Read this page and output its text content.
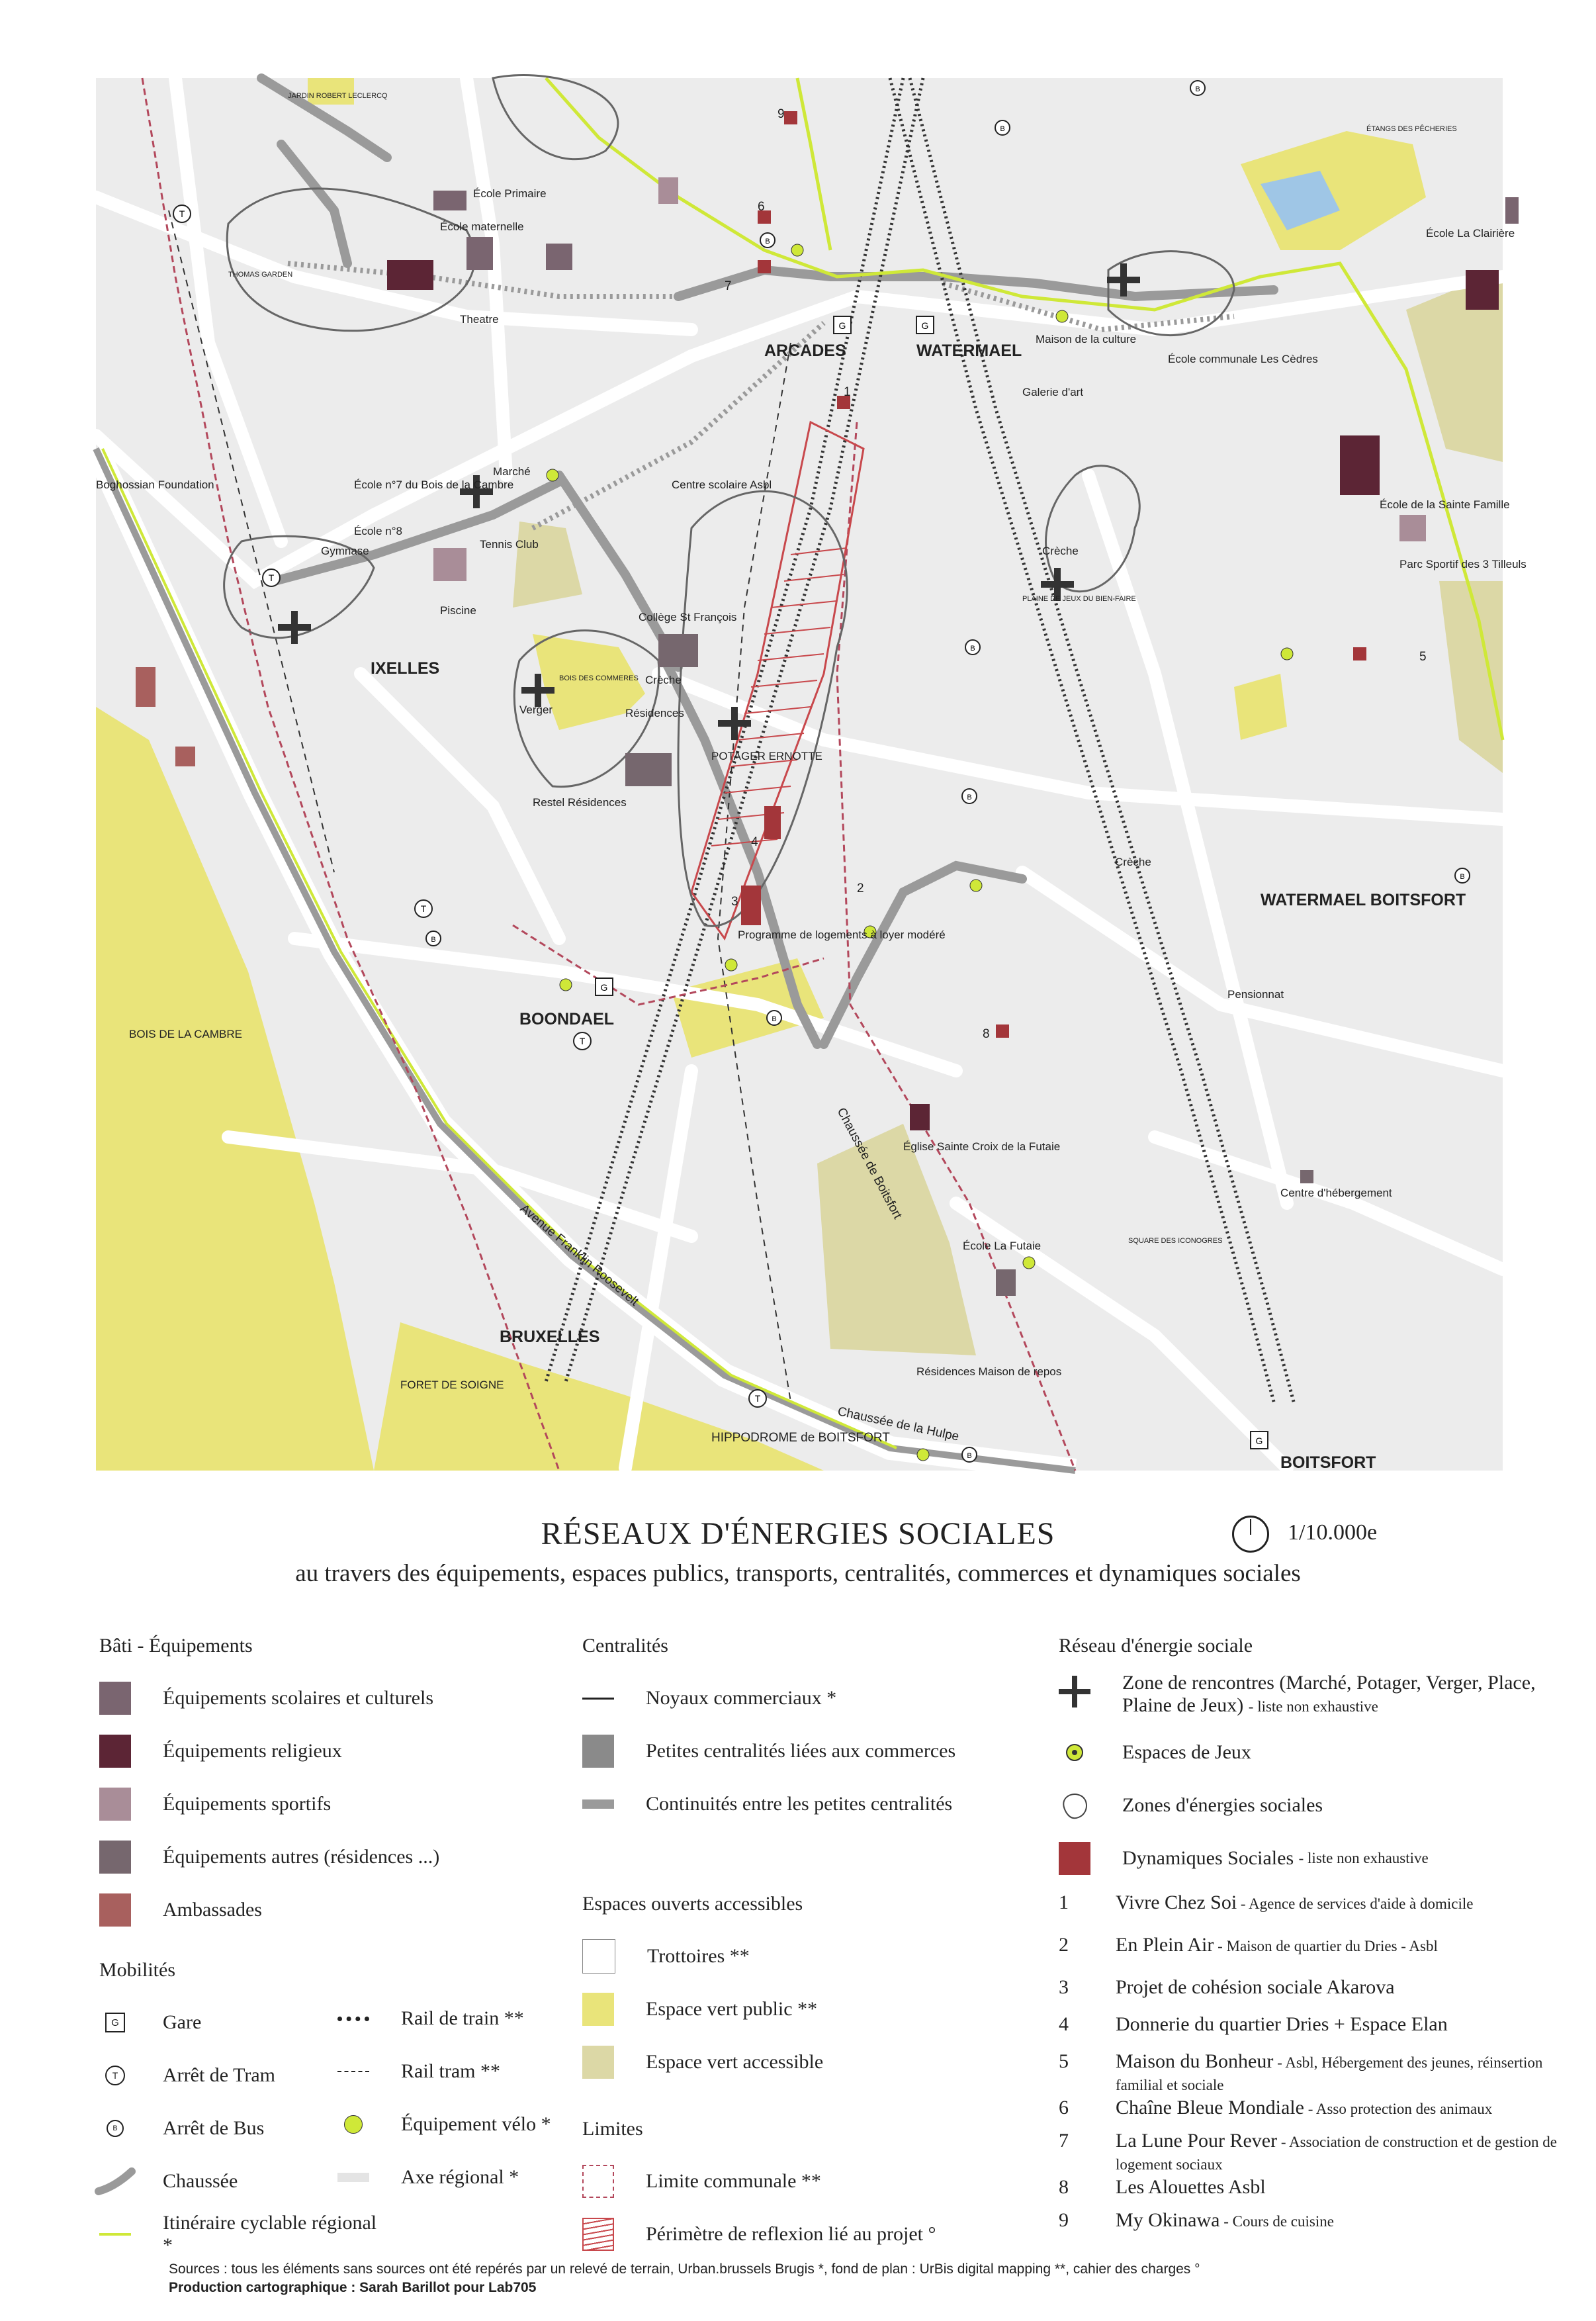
JARDIN ROBERT LECLERCQ
ÉTANGS DES PÊCHERIES
École Primaire
École maternelle
THOMAS GARDEN
Theatre
École La Clairière
ARCADES	WATERMAEL
Maison de la culture
École communale Les Cèdres
Galerie d'art
Boghossian Foundation	École n°7 du Bois de la Cambre
Marché
Centre scolaire Asbl
École n°8
Gymnase
Tennis Club
Piscine
Crèche
PLAINE DE JEUX DU BIEN-FAIRE
École de la Sainte Famille
Parc Sportif des 3 Tilleuls
Collège St François
IXELLES
BOIS DES COMMERES Crèche
Verger	Résidences
POTAGER ERNOTTE
Restel Résidences
Crèche
WATERMAEL BOITSFORT
Programme de logements à loyer modéré
Pensionnat
BOIS DE LA CAMBRE
BOONDAEL
Église Sainte Croix de la Futaie
Centre d'hébergement
Chaussée de Boitsfort
Avenue Franklin Roosevelt	École La Futaie	SQUARE DES ICONOGRES
BRUXELLES
FORET DE SOIGNE
Résidences Maison de repos
HIPPODROME de BOITSFORT
Chaussée de la Hulpe
BOITSFORT
1
2
3
4
5
6
7
8
9
G	G
G
G
T
T
T
T
T
B
B
B
B
B
B
B
B
B
RÉSEAUX D'ÉNERGIES SOCIALES	1/10.000e
au travers des équipements, espaces publics, transports, centralités, commerces et dynamiques sociales
Bâti - Équipements
Équipements scolaires et culturels
Équipements religieux
Équipements sportifs
Équipements autres (résidences ...)
Ambassades
Mobilités
G	Gare
T	Arrêt de Tram
B	Arrêt de Bus
Chaussée
Itinéraire cyclable régional *
Rail de train **
Rail tram **
Équipement vélo *
Axe régional *
Centralités
Noyaux commerciaux *
Petites centralités liées aux commerces
Continuités entre les petites centralités
Espaces ouverts accessibles
Trottoires **
Espace vert public **
Espace vert accessible
Limites
Limite communale **
Périmètre de reflexion lié au projet °
Réseau d'énergie sociale
Zone de rencontres (Marché, Potager, Verger, Place, Plaine de Jeux) - liste non exhaustive
Espaces de Jeux
Zones d'énergies sociales
Dynamiques Sociales
- liste non exhaustive
1	Vivre Chez Soi - Agence de services d'aide à domicile
2	En Plein Air - Maison de quartier du Dries - Asbl
3	Projet de cohésion sociale Akarova
4	Donnerie du quartier Dries + Espace Elan
5	Maison du Bonheur - Asbl, Hébergement des jeunes, réinsertion familial et sociale
6	Chaîne Bleue Mondiale - Asso protection des animaux
7	La Lune Pour Rever - Association de construction et de gestion de logement sociaux
8	Les Alouettes Asbl
9	My Okinawa - Cours de cuisine
Sources : tous les éléments sans sources ont été repérés par un relevé de terrain, Urban.brussels Brugis *, fond de plan : UrBis digital mapping **, cahier des charges °
Production cartographique : Sarah Barillot pour Lab705
